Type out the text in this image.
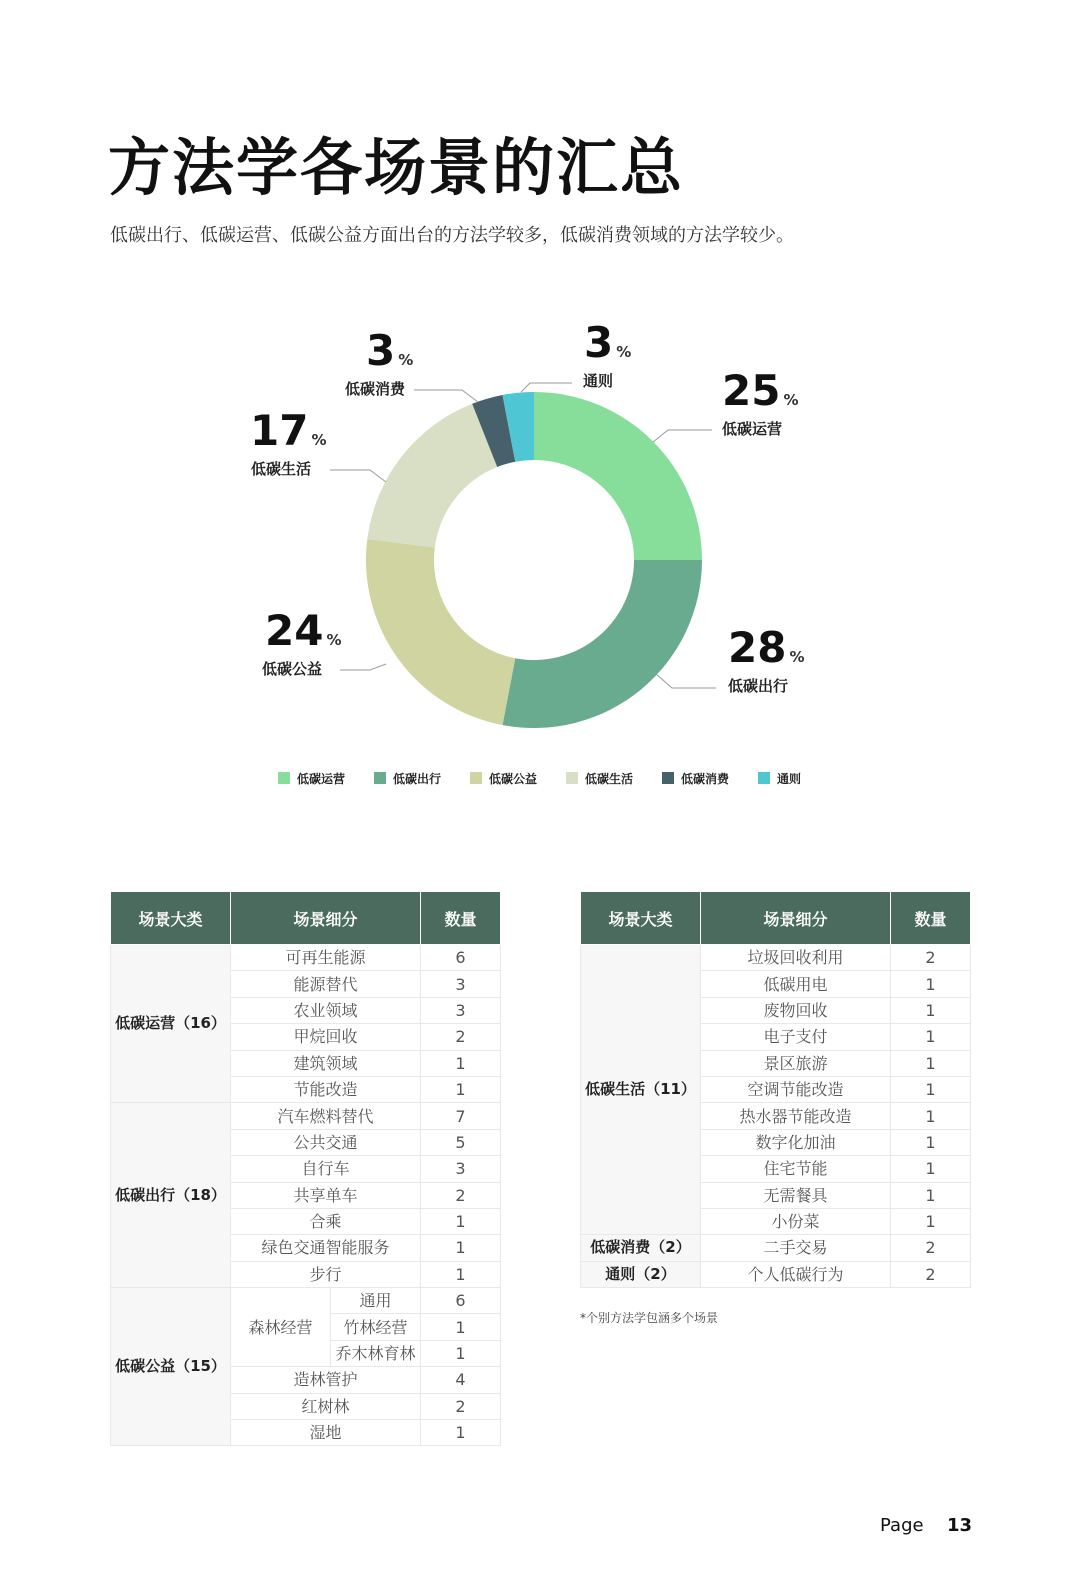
方法学各场景的汇总
低碳出行、低碳运营、低碳公益方面出台的方法学较多，低碳消费领域的方法学较少。
25 %
低碳运营
28 %
低碳出行
24 %
低碳公益
17 %
低碳生活
3 %
低碳消费
3 %
通则
低碳运营	低碳出行	低碳公益	低碳生活	低碳消费	通则
场景大类	场景细分		数量
低碳运营（16）	可再生能源		6
	能源替代		3
	农业领域		3
	甲烷回收		2
	建筑领域		1
	节能改造		1
低碳出行（18）	汽车燃料替代		7
	公共交通		5
	自行车		3
	共享单车		2
	合乘		1
	绿色交通智能服务		1
	步行		1
低碳公益（15）	森林经营	通用	6
		竹林经营	1
		乔木林育林	1
	造林管护		4
	红树林		2
	湿地		1
场景大类	场景细分	数量
低碳生活（11）	垃圾回收利用	2
	低碳用电	1
	废物回收	1
	电子支付	1
	景区旅游	1
	空调节能改造	1
	热水器节能改造	1
	数字化加油	1
	住宅节能	1
	无需餐具	1
	小份菜	1
低碳消费（2）	二手交易	2
通则（2）	个人低碳行为	2
*个别方法学包涵多个场景
Page 13
